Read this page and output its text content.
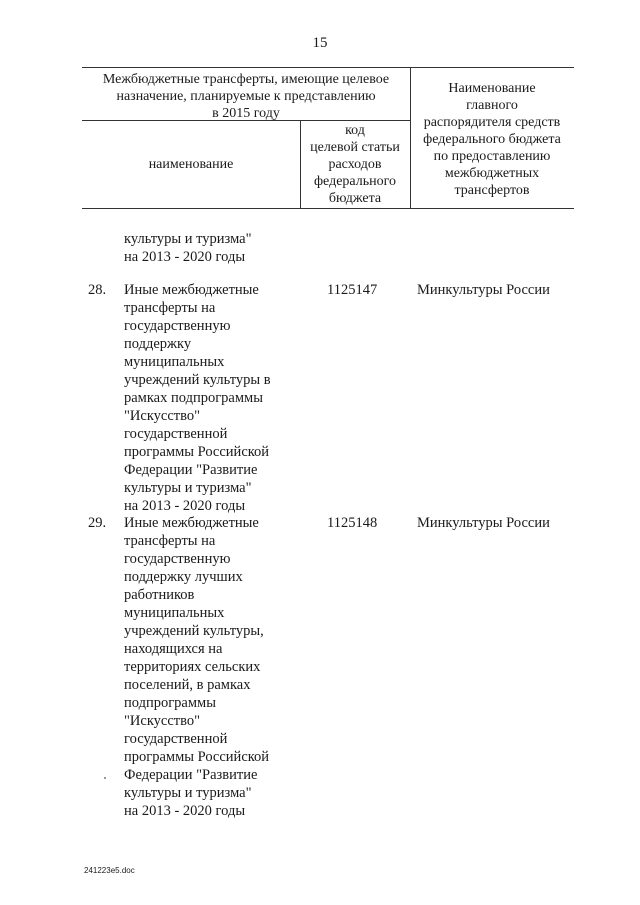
15
Межбюджетные трансферты, имеющие целевое
назначение, планируемые к представлению
в 2015 году
наименование
код
целевой статьи
расходов
федерального
бюджета
Наименование
главного
распорядителя средств
федерального бюджета
по предоставлению
межбюджетных
трансфертов
культуры и туризма"
на 2013 - 2020 годы
28. Иные межбюджетные
трансферты на
государственную
поддержку
муниципальных
учреждений культуры в
рамках подпрограммы
"Искусство"
государственной
программы Российской
Федерации "Развитие
культуры и туризма"
на 2013 - 2020 годы
1125147	Минкультуры России
29. Иные межбюджетные
трансферты на
государственную
поддержку лучших
работников
муниципальных
учреждений культуры,
находящихся на
территориях сельских
поселений, в рамках
подпрограммы
"Искусство"
государственной
программы Российской
Федерации "Развитие
культуры и туризма"
на 2013 - 2020 годы
1125148	Минкультуры России
241223e5.doc
